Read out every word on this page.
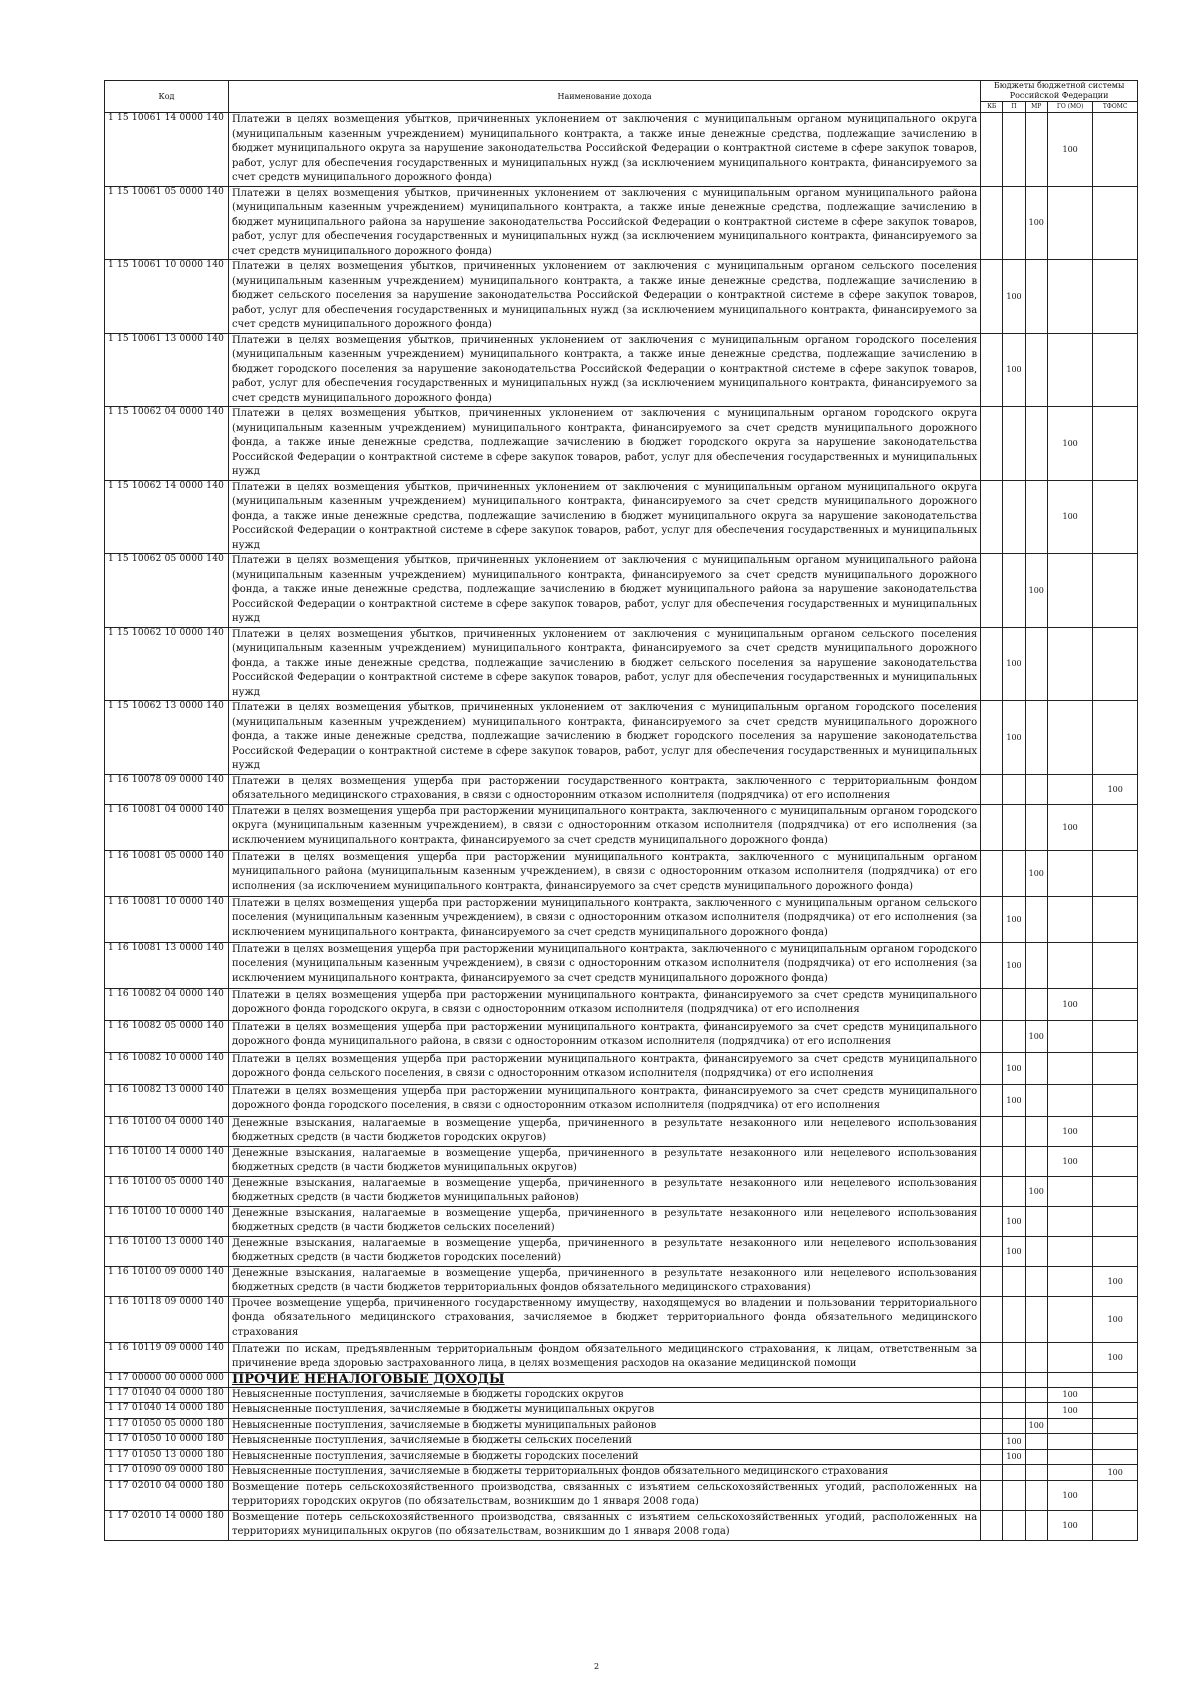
Код	Наименование дохода	Бюджеты бюджетной системы Российской Федерации				
		КБ	П	МР	ГО (МО)	ТФОМС
1 15 10061 14 0000 140	Платежи в целях возмещения убытков, причиненных уклонением от заключения с муниципальным органом муниципального округа (муниципальным казенным учреждением) муниципального контракта, а также иные денежные средства, подлежащие зачислению в бюджет муниципального округа за нарушение законодательства Российской Федерации о контрактной системе в сфере закупок товаров, работ, услуг для обеспечения государственных и муниципальных нужд (за исключением муниципального контракта, финансируемого за счет средств муниципального дорожного фонда)				100	
1 15 10061 05 0000 140	Платежи в целях возмещения убытков, причиненных уклонением от заключения с муниципальным органом муниципального района (муниципальным казенным учреждением) муниципального контракта, а также иные денежные средства, подлежащие зачислению в бюджет муниципального района за нарушение законодательства Российской Федерации о контрактной системе в сфере закупок товаров, работ, услуг для обеспечения государственных и муниципальных нужд (за исключением муниципального контракта, финансируемого за счет средств муниципального дорожного фонда)			100		
1 15 10061 10 0000 140	Платежи в целях возмещения убытков, причиненных уклонением от заключения с муниципальным органом сельского поселения (муниципальным казенным учреждением) муниципального контракта, а также иные денежные средства, подлежащие зачислению в бюджет сельского поселения за нарушение законодательства Российской Федерации о контрактной системе в сфере закупок товаров, работ, услуг для обеспечения государственных и муниципальных нужд (за исключением муниципального контракта, финансируемого за счет средств муниципального дорожного фонда)		100			
1 15 10061 13 0000 140	Платежи в целях возмещения убытков, причиненных уклонением от заключения с муниципальным органом городского поселения (муниципальным казенным учреждением) муниципального контракта, а также иные денежные средства, подлежащие зачислению в бюджет городского поселения за нарушение законодательства Российской Федерации о контрактной системе в сфере закупок товаров, работ, услуг для обеспечения государственных и муниципальных нужд (за исключением муниципального контракта, финансируемого за счет средств муниципального дорожного фонда)		100			
1 15 10062 04 0000 140	Платежи в целях возмещения убытков, причиненных уклонением от заключения с муниципальным органом городского округа (муниципальным казенным учреждением) муниципального контракта, финансируемого за счет средств муниципального дорожного фонда, а также иные денежные средства, подлежащие зачислению в бюджет городского округа за нарушение законодательства Российской Федерации о контрактной системе в сфере закупок товаров, работ, услуг для обеспечения государственных и муниципальных нужд				100	
1 15 10062 14 0000 140	Платежи в целях возмещения убытков, причиненных уклонением от заключения с муниципальным органом муниципального округа (муниципальным казенным учреждением) муниципального контракта, финансируемого за счет средств муниципального дорожного фонда, а также иные денежные средства, подлежащие зачислению в бюджет муниципального округа за нарушение законодательства Российской Федерации о контрактной системе в сфере закупок товаров, работ, услуг для обеспечения государственных и муниципальных нужд				100	
1 15 10062 05 0000 140	Платежи в целях возмещения убытков, причиненных уклонением от заключения с муниципальным органом муниципального района (муниципальным казенным учреждением) муниципального контракта, финансируемого за счет средств муниципального дорожного фонда, а также иные денежные средства, подлежащие зачислению в бюджет муниципального района за нарушение законодательства Российской Федерации о контрактной системе в сфере закупок товаров, работ, услуг для обеспечения государственных и муниципальных нужд			100		
1 15 10062 10 0000 140	Платежи в целях возмещения убытков, причиненных уклонением от заключения с муниципальным органом сельского поселения (муниципальным казенным учреждением) муниципального контракта, финансируемого за счет средств муниципального дорожного фонда, а также иные денежные средства, подлежащие зачислению в бюджет сельского поселения за нарушение законодательства Российской Федерации о контрактной системе в сфере закупок товаров, работ, услуг для обеспечения государственных и муниципальных нужд		100			
1 15 10062 13 0000 140	Платежи в целях возмещения убытков, причиненных уклонением от заключения с муниципальным органом городского поселения (муниципальным казенным учреждением) муниципального контракта, финансируемого за счет средств муниципального дорожного фонда, а также иные денежные средства, подлежащие зачислению в бюджет городского поселения за нарушение законодательства Российской Федерации о контрактной системе в сфере закупок товаров, работ, услуг для обеспечения государственных и муниципальных нужд		100			
1 16 10078 09 0000 140	Платежи в целях возмещения ущерба при расторжении государственного контракта, заключенного с территориальным фондом обязательного медицинского страхования, в связи с односторонним отказом исполнителя (подрядчика) от его исполнения					100
1 16 10081 04 0000 140	Платежи в целях возмещения ущерба при расторжении муниципального контракта, заключенного с муниципальным органом городского округа (муниципальным казенным учреждением), в связи с односторонним отказом исполнителя (подрядчика) от его исполнения (за исключением муниципального контракта, финансируемого за счет средств муниципального дорожного фонда)				100	
1 16 10081 05 0000 140	Платежи в целях возмещения ущерба при расторжении муниципального контракта, заключенного с муниципальным органом муниципального района (муниципальным казенным учреждением), в связи с односторонним отказом исполнителя (подрядчика) от его исполнения (за исключением муниципального контракта, финансируемого за счет средств муниципального дорожного фонда)			100		
1 16 10081 10 0000 140	Платежи в целях возмещения ущерба при расторжении муниципального контракта, заключенного с муниципальным органом сельского поселения (муниципальным казенным учреждением), в связи с односторонним отказом исполнителя (подрядчика) от его исполнения (за исключением муниципального контракта, финансируемого за счет средств муниципального дорожного фонда)		100			
1 16 10081 13 0000 140	Платежи в целях возмещения ущерба при расторжении муниципального контракта, заключенного с муниципальным органом городского поселения (муниципальным казенным учреждением), в связи с односторонним отказом исполнителя (подрядчика) от его исполнения (за исключением муниципального контракта, финансируемого за счет средств муниципального дорожного фонда)		100			
1 16 10082 04 0000 140	Платежи в целях возмещения ущерба при расторжении муниципального контракта, финансируемого за счет средств муниципального дорожного фонда городского округа, в связи с односторонним отказом исполнителя (подрядчика) от его исполнения				100	
1 16 10082 05 0000 140	Платежи в целях возмещения ущерба при расторжении муниципального контракта, финансируемого за счет средств муниципального дорожного фонда муниципального района, в связи с односторонним отказом исполнителя (подрядчика) от его исполнения			100		
1 16 10082 10 0000 140	Платежи в целях возмещения ущерба при расторжении муниципального контракта, финансируемого за счет средств муниципального дорожного фонда сельского поселения, в связи с односторонним отказом исполнителя (подрядчика) от его исполнения		100			
1 16 10082 13 0000 140	Платежи в целях возмещения ущерба при расторжении муниципального контракта, финансируемого за счет средств муниципального дорожного фонда городского поселения, в связи с односторонним отказом исполнителя (подрядчика) от его исполнения		100			
1 16 10100 04 0000 140	Денежные взыскания, налагаемые в возмещение ущерба, причиненного в результате незаконного или нецелевого использования бюджетных средств (в части бюджетов городских округов)				100	
1 16 10100 14 0000 140	Денежные взыскания, налагаемые в возмещение ущерба, причиненного в результате незаконного или нецелевого использования бюджетных средств (в части бюджетов муниципальных округов)				100	
1 16 10100 05 0000 140	Денежные взыскания, налагаемые в возмещение ущерба, причиненного в результате незаконного или нецелевого использования бюджетных средств (в части бюджетов муниципальных районов)			100		
1 16 10100 10 0000 140	Денежные взыскания, налагаемые в возмещение ущерба, причиненного в результате незаконного или нецелевого использования бюджетных средств (в части бюджетов сельских поселений)		100			
1 16 10100 13 0000 140	Денежные взыскания, налагаемые в возмещение ущерба, причиненного в результате незаконного или нецелевого использования бюджетных средств (в части бюджетов городских поселений)		100			
1 16 10100 09 0000 140	Денежные взыскания, налагаемые в возмещение ущерба, причиненного в результате незаконного или нецелевого использования бюджетных средств (в части бюджетов территориальных фондов обязательного медицинского страхования)					100
1 16 10118 09 0000 140	Прочее возмещение ущерба, причиненного государственному имуществу, находящемуся во владении и пользовании территориального фонда обязательного медицинского страхования, зачисляемое в бюджет территориального фонда обязательного медицинского страхования					100
1 16 10119 09 0000 140	Платежи по искам, предъявленным территориальным фондом обязательного медицинского страхования, к лицам, ответственным за причинение вреда здоровью застрахованного лица, в целях возмещения расходов на оказание медицинской помощи					100
1 17 00000 00 0000 000	ПРОЧИЕ НЕНАЛОГОВЫЕ ДОХОДЫ					
1 17 01040 04 0000 180	Невыясненные поступления, зачисляемые в бюджеты городских округов				100	
1 17 01040 14 0000 180	Невыясненные поступления, зачисляемые в бюджеты муниципальных округов				100	
1 17 01050 05 0000 180	Невыясненные поступления, зачисляемые в бюджеты муниципальных районов			100		
1 17 01050 10 0000 180	Невыясненные поступления, зачисляемые в бюджеты сельских поселений		100			
1 17 01050 13 0000 180	Невыясненные поступления, зачисляемые в бюджеты городских поселений		100			
1 17 01090 09 0000 180	Невыясненные поступления, зачисляемые в бюджеты территориальных фондов обязательного медицинского страхования					100
1 17 02010 04 0000 180	Возмещение потерь сельскохозяйственного производства, связанных с изъятием сельскохозяйственных угодий, расположенных на территориях городских округов (по обязательствам, возникшим до 1 января 2008 года)				100	
1 17 02010 14 0000 180	Возмещение потерь сельскохозяйственного производства, связанных с изъятием сельскохозяйственных угодий, расположенных на территориях муниципальных округов (по обязательствам, возникшим до 1 января 2008 года)				100	
2
